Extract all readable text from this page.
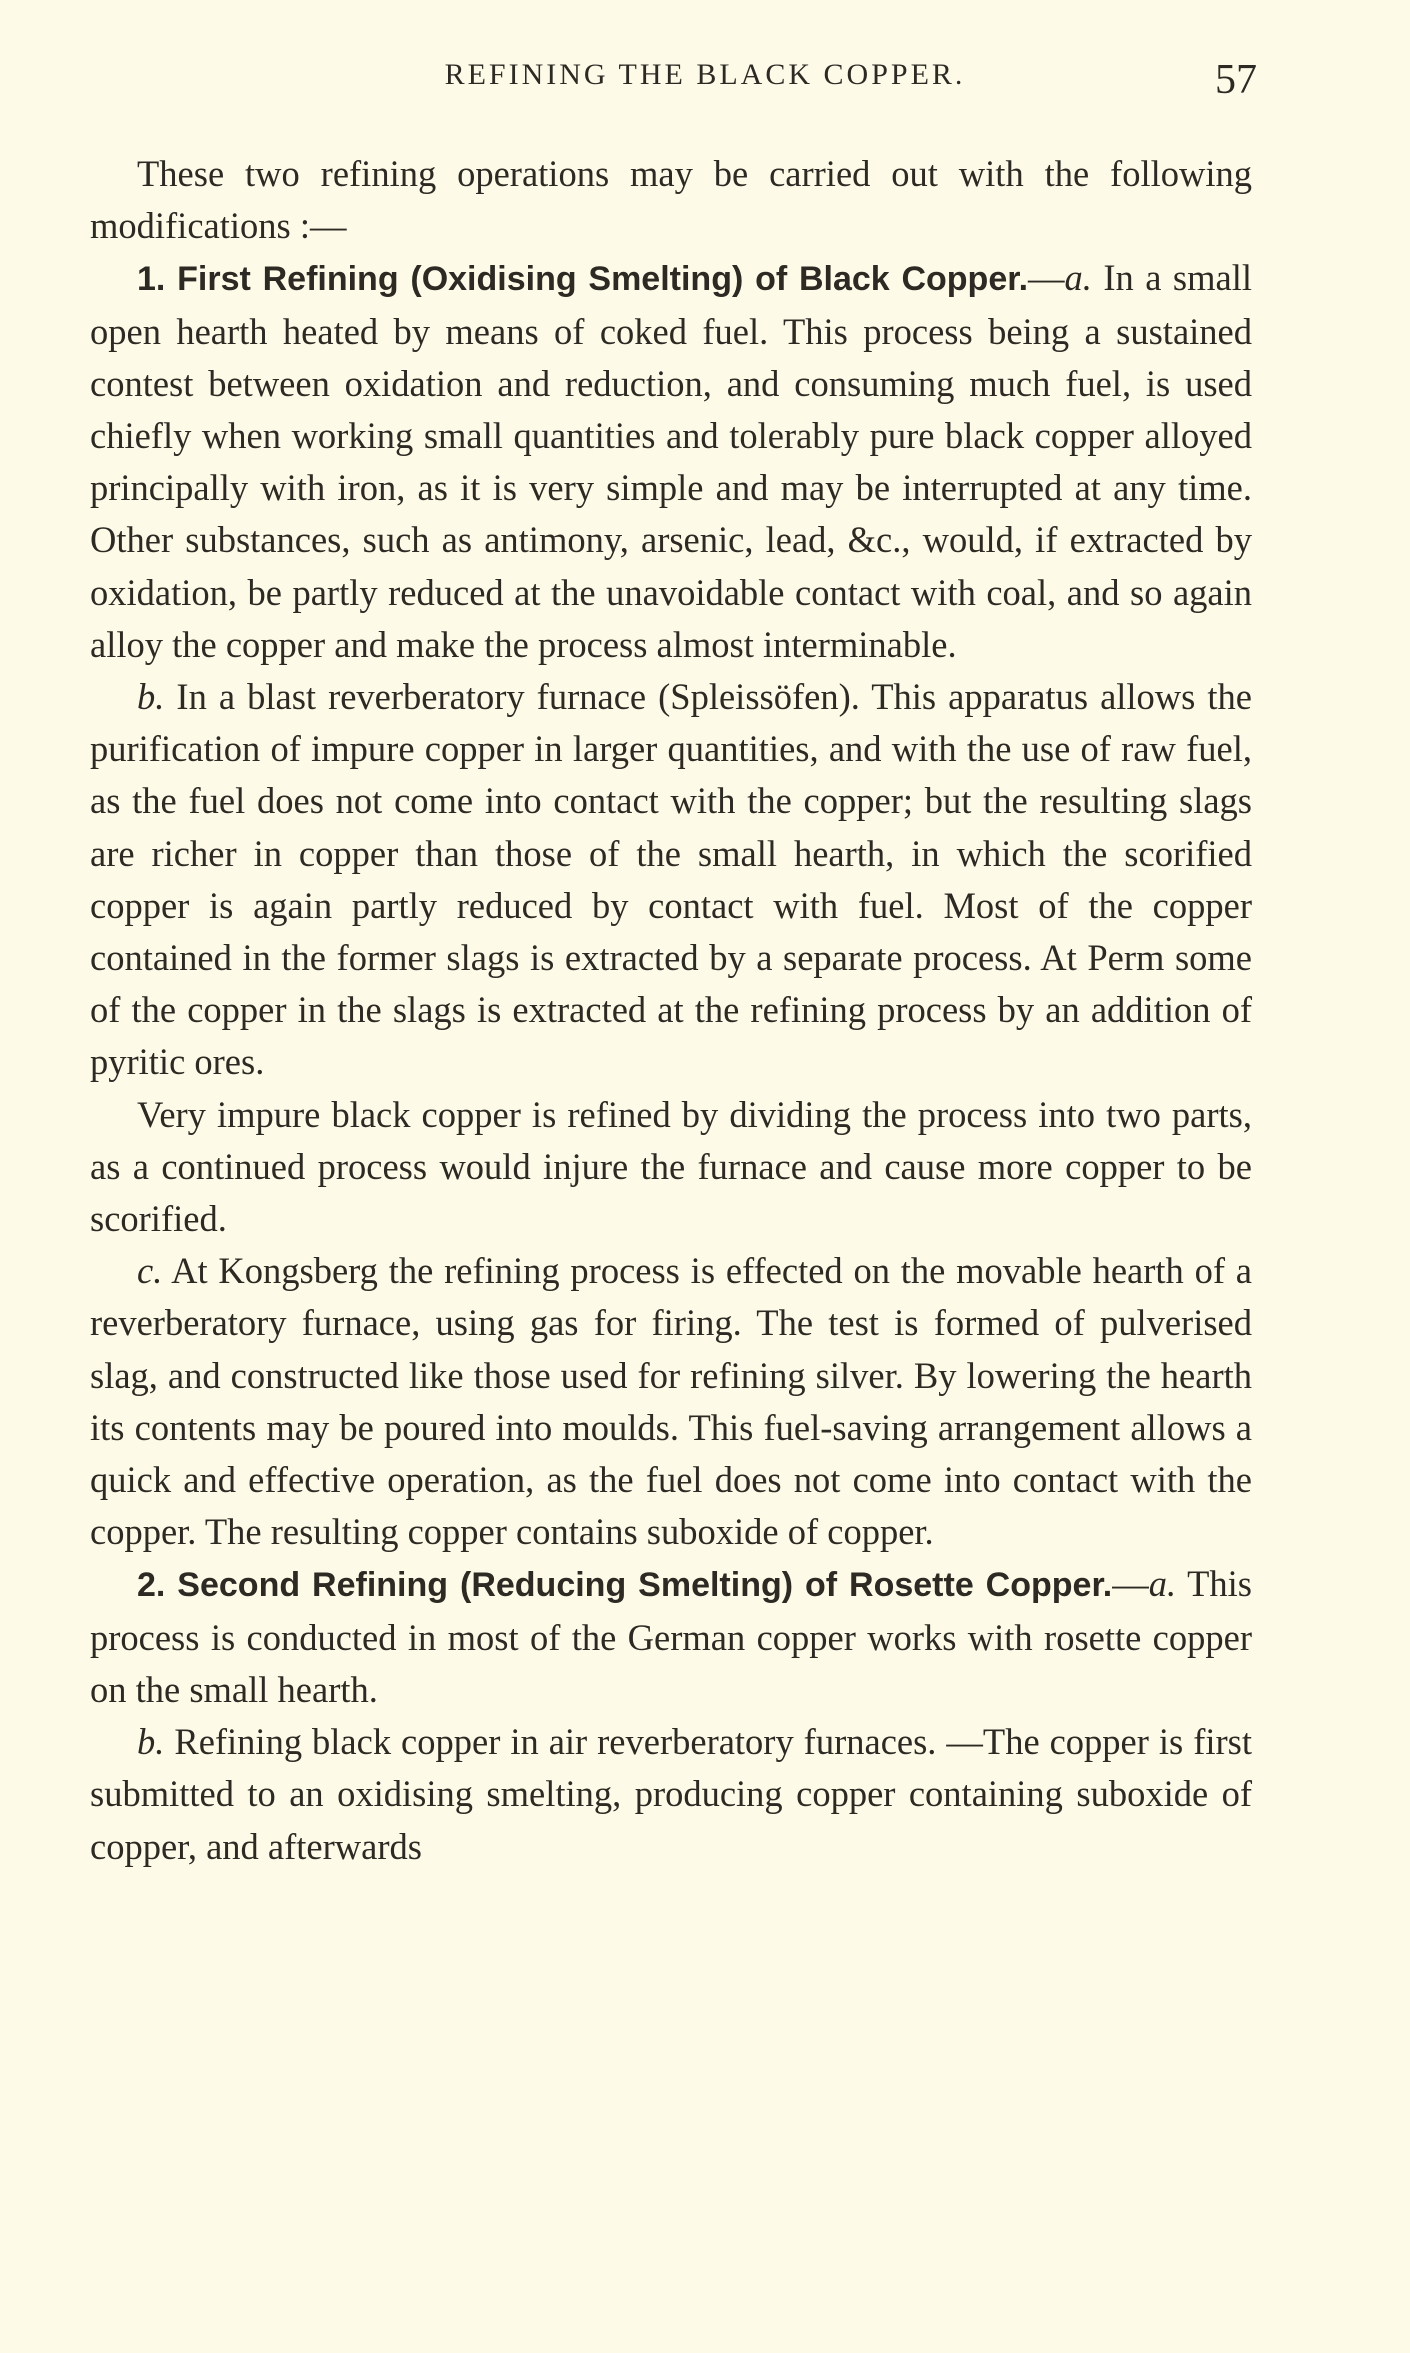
REFINING THE BLACK COPPER.	57

These two refining operations may be carried out with the following modifications :—

1. First Refining (Oxidising Smelting) of Black Copper.—a. In a small open hearth heated by means of coked fuel. This process being a sustained contest between oxidation and reduction, and consuming much fuel, is used chiefly when working small quantities and tolerably pure black copper alloyed principally with iron, as it is very simple and may be interrupted at any time. Other substances, such as antimony, arsenic, lead, &c., would, if extracted by oxidation, be partly reduced at the unavoidable contact with coal, and so again alloy the copper and make the process almost interminable.

b. In a blast reverberatory furnace (Spleissöfen). This apparatus allows the purification of impure copper in larger quantities, and with the use of raw fuel, as the fuel does not come into contact with the copper; but the resulting slags are richer in copper than those of the small hearth, in which the scorified copper is again partly reduced by contact with fuel. Most of the copper contained in the former slags is extracted by a separate process. At Perm some of the copper in the slags is extracted at the refining process by an addition of pyritic ores.

Very impure black copper is refined by dividing the process into two parts, as a continued process would injure the furnace and cause more copper to be scorified.

c. At Kongsberg the refining process is effected on the movable hearth of a reverberatory furnace, using gas for firing. The test is formed of pulverised slag, and constructed like those used for refining silver. By lowering the hearth its contents may be poured into moulds. This fuel-saving arrangement allows a quick and effective operation, as the fuel does not come into contact with the copper. The resulting copper contains suboxide of copper.

2. Second Refining (Reducing Smelting) of Rosette Copper.—a. This process is conducted in most of the German copper works with rosette copper on the small hearth.

b. Refining black copper in air reverberatory furnaces. —The copper is first submitted to an oxidising smelting, producing copper containing suboxide of copper, and afterwards
